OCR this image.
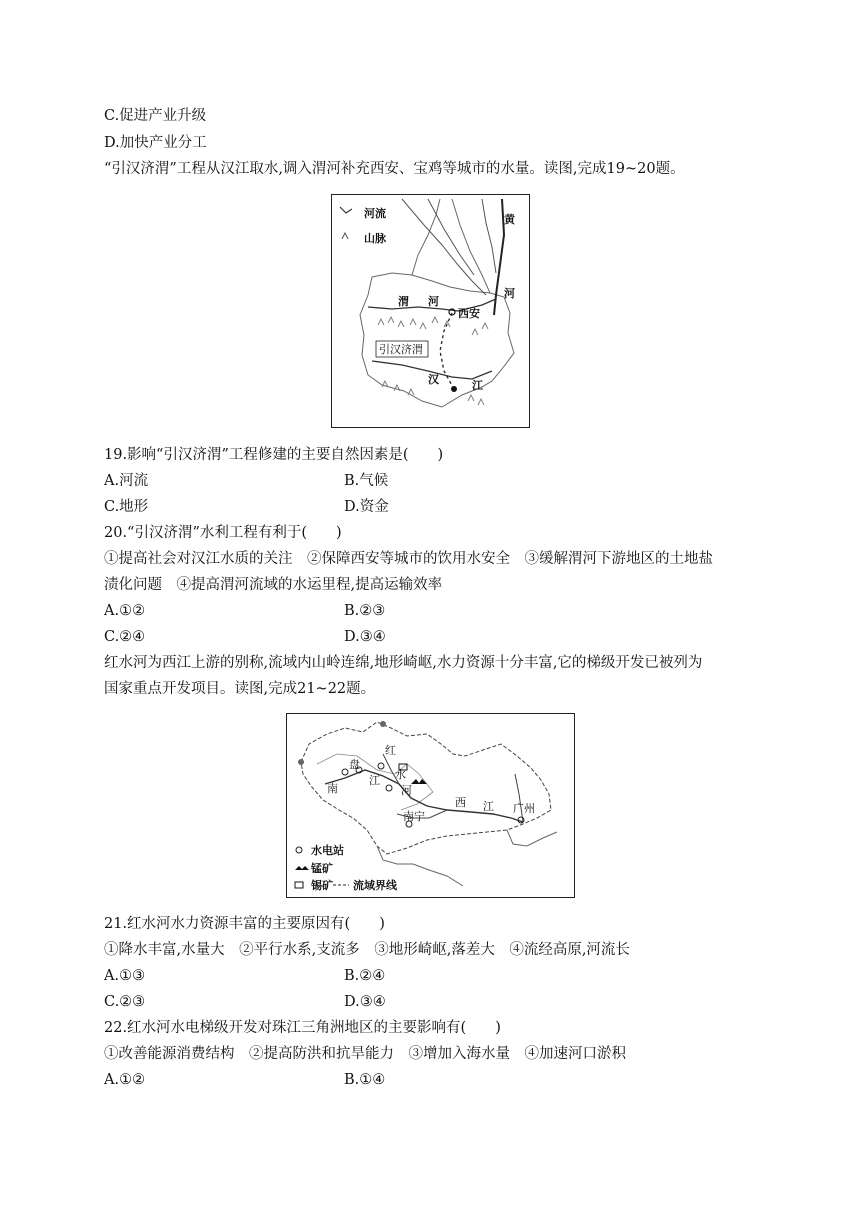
C.促进产业升级
D.加快产业分工
“引汉济渭”工程从汉江取水,调入渭河补充西安、宝鸡等城市的水量。读图,完成19~20题。
河流
山脉
黄
河
渭 河
西安
引汉济渭
汉	江
19.影响“引汉济渭”工程修建的主要自然因素是(　　)
A.河流	B.气候
C.地形	D.资金
20.“引汉济渭”水利工程有利于(　　)
①提高社会对汉江水质的关注　②保障西安等城市的饮用水安全　③缓解渭河下游地区的土地盐
渍化问题　④提高渭河流域的水运里程,提高运输效率
A.①②	B.②③
C.②④	D.③④
红水河为西江上游的别称,流域内山岭连绵,地形崎岖,水力资源十分丰富,它的梯级开发已被列为
国家重点开发项目。读图,完成21~22题。
南
盘
江
红
水
河
西 江 广州
南宁
水电站
锰矿
锡矿 流域界线
21.红水河水力资源丰富的主要原因有(　　)
①降水丰富,水量大　②平行水系,支流多　③地形崎岖,落差大　④流经高原,河流长
A.①③	B.②④
C.②③	D.③④
22.红水河水电梯级开发对珠江三角洲地区的主要影响有(　　)
①改善能源消费结构　②提高防洪和抗旱能力　③增加入海水量　④加速河口淤积
A.①②	B.①④
